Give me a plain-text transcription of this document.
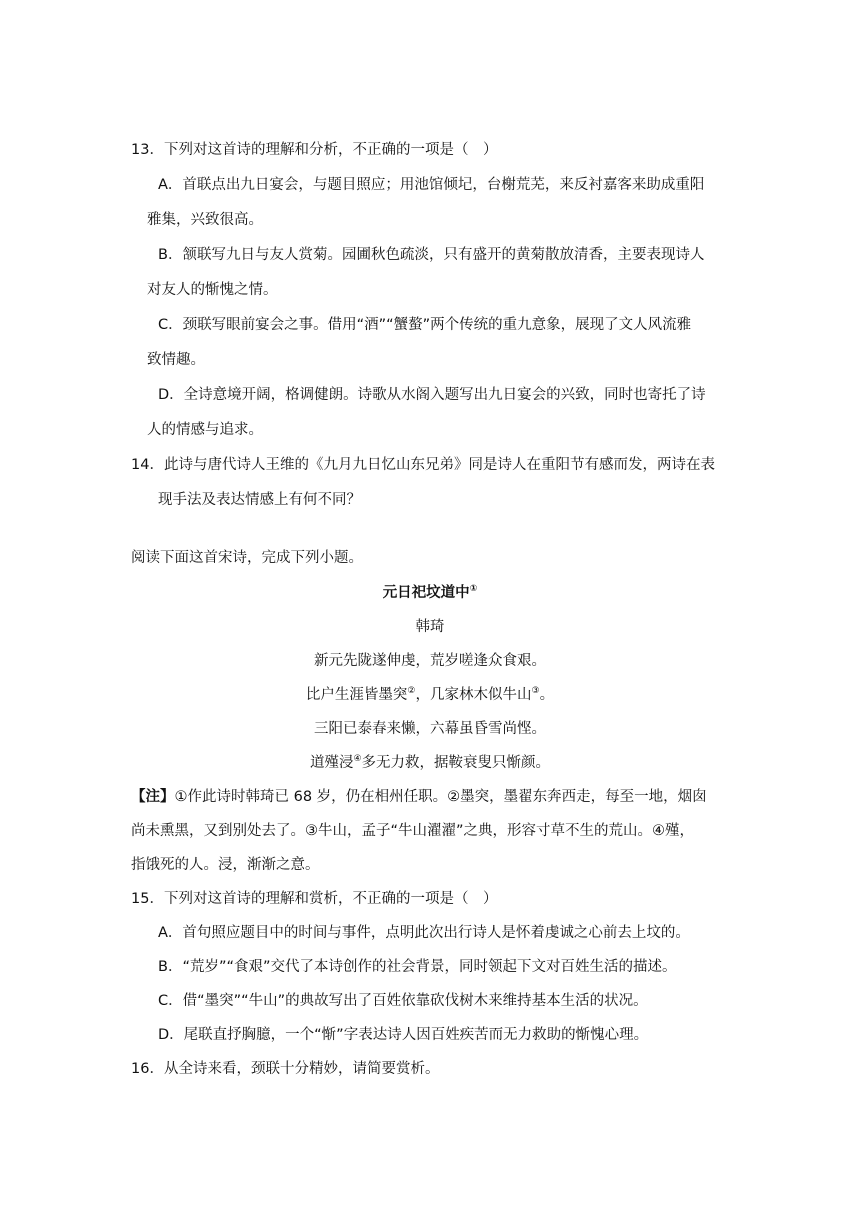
13．下列对这首诗的理解和分析，不正确的一项是（　）
A．首联点出九日宴会，与题目照应；用池馆倾圮，台榭荒芜，来反衬嘉客来助成重阳
雅集，兴致很高。
B．颔联写九日与友人赏菊。园圃秋色疏淡，只有盛开的黄菊散放清香，主要表现诗人
对友人的惭愧之情。
C．颈联写眼前宴会之事。借用“酒”“蟹螯”两个传统的重九意象，展现了文人风流雅
致情趣。
D．全诗意境开阔，格调健朗。诗歌从水阁入题写出九日宴会的兴致，同时也寄托了诗
人的情感与追求。
14．此诗与唐代诗人王维的《九月九日忆山东兄弟》同是诗人在重阳节有感而发，两诗在表
现手法及表达情感上有何不同？
阅读下面这首宋诗，完成下列小题。
元日祀坟道中①
韩琦
新元先陇遂伸虔，荒岁嗟逢众食艰。
比户生涯皆墨突②，几家林木似牛山③。
三阳已泰春来懒，六幕虽昏雪尚悭。
道殣浸④多无力救，据鞍衰叟只惭颜。
【注】①作此诗时韩琦已 68 岁，仍在相州任职。②墨突，墨翟东奔西走，每至一地，烟囱
尚未熏黑，又到别处去了。③牛山，孟子“牛山濯濯”之典，形容寸草不生的荒山。④殣，
指饿死的人。浸，渐渐之意。
15．下列对这首诗的理解和赏析，不正确的一项是（　）
A．首句照应题目中的时间与事件，点明此次出行诗人是怀着虔诚之心前去上坟的。
B．“荒岁”“食艰”交代了本诗创作的社会背景，同时领起下文对百姓生活的描述。
C．借“墨突”“牛山”的典故写出了百姓依靠砍伐树木来维持基本生活的状况。
D．尾联直抒胸臆，一个“惭”字表达诗人因百姓疾苦而无力救助的惭愧心理。
16．从全诗来看，颈联十分精妙，请简要赏析。
